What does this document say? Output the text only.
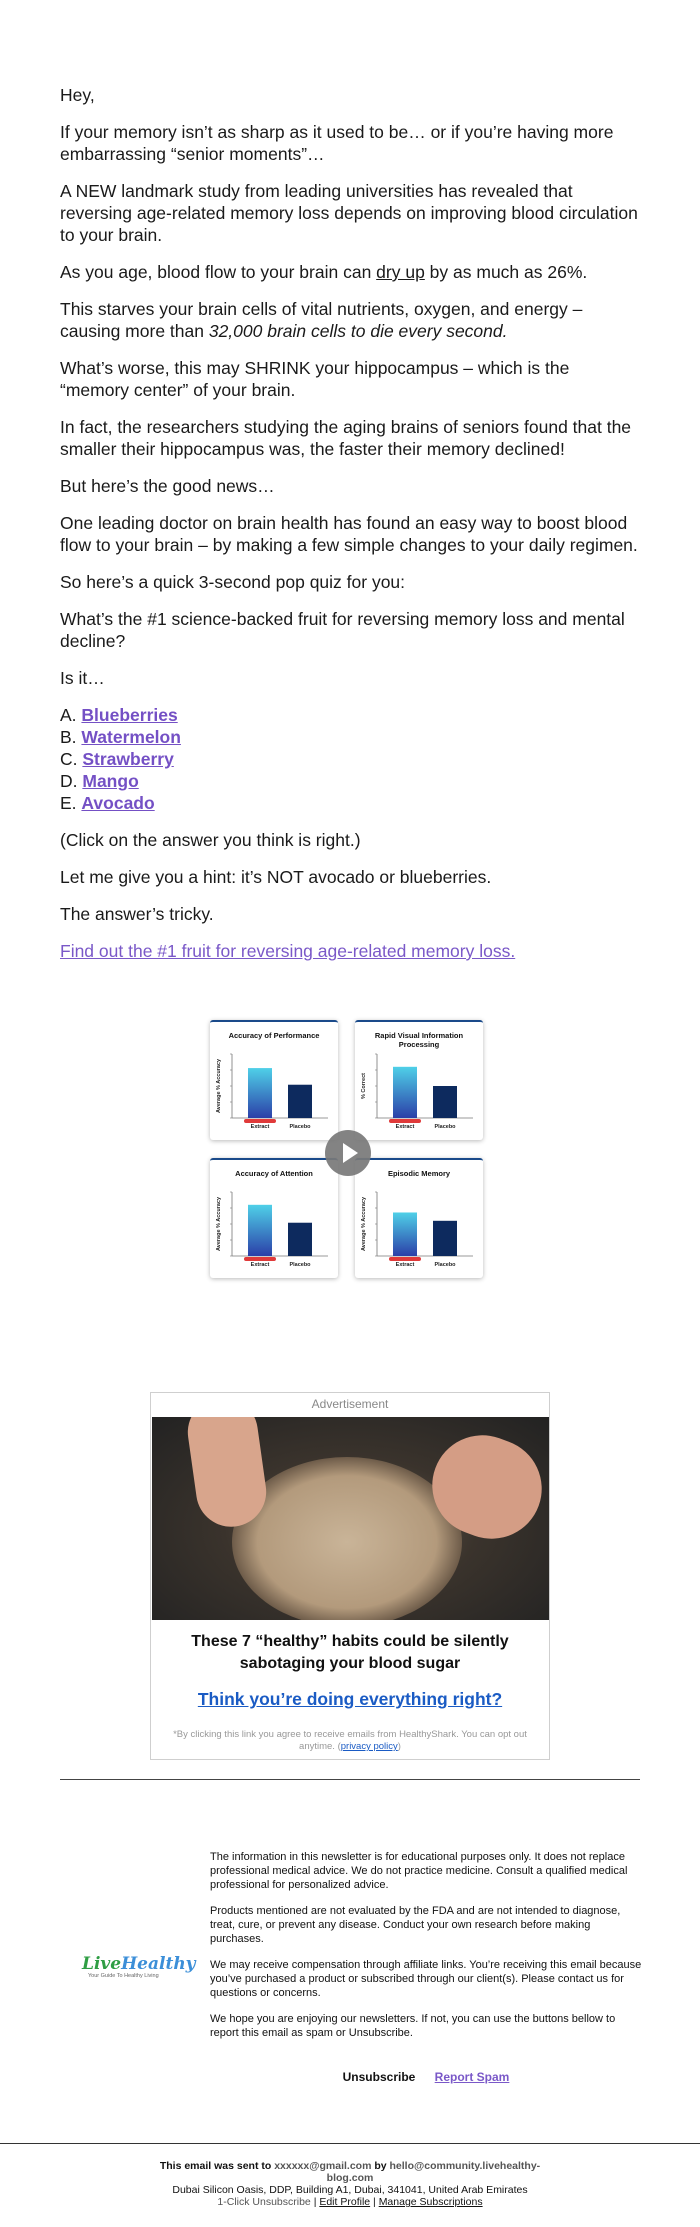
Hey,

If your memory isn’t as sharp as it used to be… or if you’re having more embarrassing “senior moments”…

A NEW landmark study from leading universities has revealed that reversing age-related memory loss depends on improving blood circulation to your brain.

As you age, blood flow to your brain can dry up by as much as 26%.

This starves your brain cells of vital nutrients, oxygen, and energy – causing more than 32,000 brain cells to die every second.

What’s worse, this may SHRINK your hippocampus – which is the “memory center” of your brain.

In fact, the researchers studying the aging brains of seniors found that the smaller their hippocampus was, the faster their memory declined!

But here’s the good news…

One leading doctor on brain health has found an easy way to boost blood flow to your brain – by making a few simple changes to your daily regimen.

So here’s a quick 3-second pop quiz for you:

What’s the #1 science-backed fruit for reversing memory loss and mental decline?

Is it…

A. Blueberries
B. Watermelon
C. Strawberry
D. Mango
E. Avocado

(Click on the answer you think is right.)

Let me give you a hint: it’s NOT avocado or blueberries.

The answer’s tricky.

Find out the #1 fruit for reversing age-related memory loss.

Accuracy of Performance
Average % Accuracy
Extract	Placebo
Rapid Visual Information Processing
% Correct
Extract	Placebo
Accuracy of Attention
Average % Accuracy
Extract	Placebo
Episodic Memory
Average % Accuracy
Extract	Placebo
Advertisement
These 7 “healthy” habits could be silently sabotaging your blood sugar
Think you’re doing everything right?
*By clicking this link you agree to receive emails from HealthyShark. You can opt out anytime. (privacy policy)
LiveHealthy
Your Guide To Healthy Living

The information in this newsletter is for educational purposes only. It does not replace professional medical advice. We do not practice medicine. Consult a qualified medical professional for personalized advice.

Products mentioned are not evaluated by the FDA and are not intended to diagnose, treat, cure, or prevent any disease. Conduct your own research before making purchases.

We may receive compensation through affiliate links. You’re receiving this email because you’ve purchased a product or subscribed through our client(s). Please contact us for questions or concerns.

We hope you are enjoying our newsletters. If not, you can use the buttons bellow to report this email as spam or Unsubscribe.

Unsubscribe Report Spam
This email was sent to xxxxxx@gmail.com by hello@community.livehealthy-blog.com
Dubai Silicon Oasis, DDP, Building A1, Dubai, 341041, United Arab Emirates
1-Click Unsubscribe | Edit Profile | Manage Subscriptions
